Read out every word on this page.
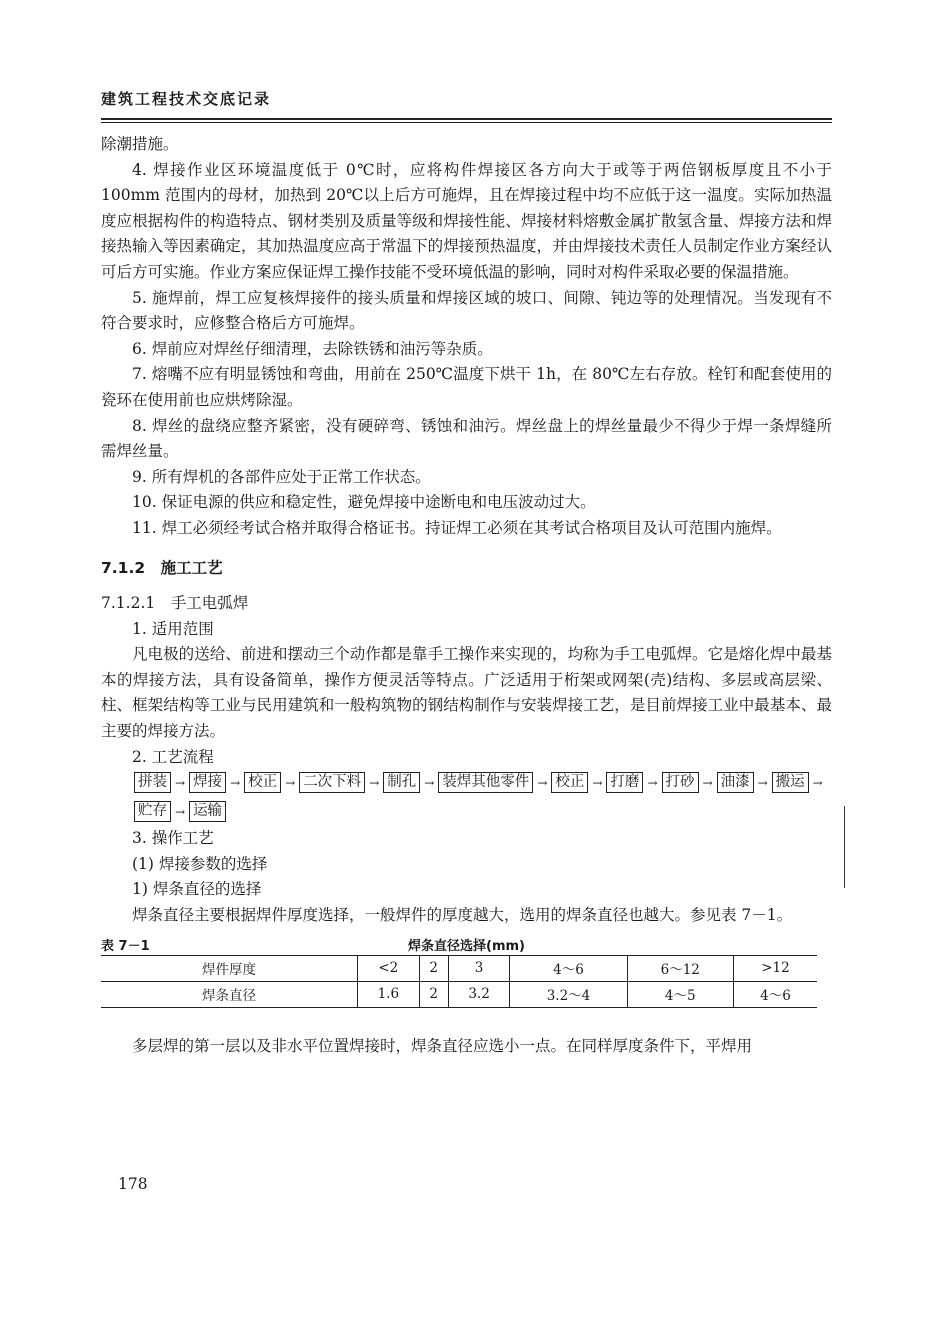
建筑工程技术交底记录

除潮措施。

4. 焊接作业区环境温度低于 0℃时，应将构件焊接区各方向大于或等于两倍钢板厚度且不小于 100mm 范围内的母材，加热到 20℃以上后方可施焊，且在焊接过程中均不应低于这一温度。实际加热温度应根据构件的构造特点、钢材类别及质量等级和焊接性能、焊接材料熔敷金属扩散氢含量、焊接方法和焊接热输入等因素确定，其加热温度应高于常温下的焊接预热温度，并由焊接技术责任人员制定作业方案经认可后方可实施。作业方案应保证焊工操作技能不受环境低温的影响，同时对构件采取必要的保温措施。

5. 施焊前，焊工应复核焊接件的接头质量和焊接区域的坡口、间隙、钝边等的处理情况。当发现有不符合要求时，应修整合格后方可施焊。

6. 焊前应对焊丝仔细清理，去除铁锈和油污等杂质。

7. 熔嘴不应有明显锈蚀和弯曲，用前在 250℃温度下烘干 1h，在 80℃左右存放。栓钉和配套使用的瓷环在使用前也应烘烤除湿。

8. 焊丝的盘绕应整齐紧密，没有硬碎弯、锈蚀和油污。焊丝盘上的焊丝量最少不得少于焊一条焊缝所需焊丝量。

9. 所有焊机的各部件应处于正常工作状态。

10. 保证电源的供应和稳定性，避免焊接中途断电和电压波动过大。

11. 焊工必须经考试合格并取得合格证书。持证焊工必须在其考试合格项目及认可范围内施焊。

7.1.2　施工工艺

7.1.2.1　手工电弧焊

1. 适用范围

凡电极的送给、前进和摆动三个动作都是靠手工操作来实现的，均称为手工电弧焊。它是熔化焊中最基本的焊接方法，具有设备简单，操作方便灵活等特点。广泛适用于桁架或网架(壳)结构、多层或高层梁、柱、框架结构等工业与民用建筑和一般构筑物的钢结构制作与安装焊接工艺，是目前焊接工业中最基本、最主要的焊接方法。

2. 工艺流程

拼装 → 焊接 → 校正 → 二次下料 → 制孔 → 装焊其他零件 → 校正 → 打磨 → 打砂 → 油漆 → 搬运 →
贮存 → 运输

3. 操作工艺

(1) 焊接参数的选择

1) 焊条直径的选择

焊条直径主要根据焊件厚度选择，一般焊件的厚度越大，选用的焊条直径也越大。参见表 7－1。

表 7－1	焊条直径选择(mm)
焊件厚度	<2	2	3	4～6	6～12	>12
焊条直径	1.6	2	3.2	3.2～4	4～5	4～6

多层焊的第一层以及非水平位置焊接时，焊条直径应选小一点。在同样厚度条件下，平焊用

178
